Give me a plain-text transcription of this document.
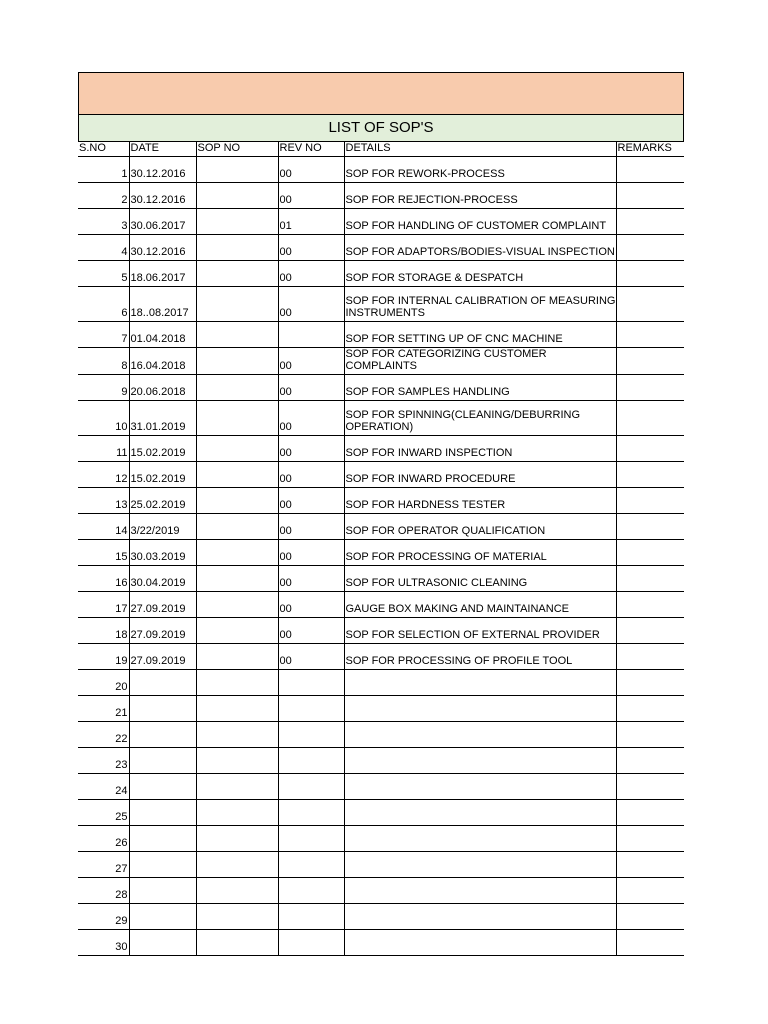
LIST OF SOP'S
S.NO	DATE	SOP NO	REV NO	DETAILS	REMARKS
1	30.12.2016		00	SOP FOR REWORK-PROCESS	
2	30.12.2016		00	SOP FOR REJECTION-PROCESS	
3	30.06.2017		01	SOP FOR HANDLING OF CUSTOMER COMPLAINT	
4	30.12.2016		00	SOP FOR ADAPTORS/BODIES-VISUAL INSPECTION	
5	18.06.2017		00	SOP FOR STORAGE & DESPATCH	
6	18..08.2017		00	SOP FOR INTERNAL CALIBRATION OF MEASURING INSTRUMENTS	
7	01.04.2018			SOP FOR SETTING UP OF CNC MACHINE	
8	16.04.2018		00	SOP FOR CATEGORIZING CUSTOMER COMPLAINTS	
9	20.06.2018		00	SOP FOR SAMPLES HANDLING	
10	31.01.2019		00	SOP FOR SPINNING(CLEANING/DEBURRING OPERATION)	
11	15.02.2019		00	SOP FOR INWARD INSPECTION	
12	15.02.2019		00	SOP FOR INWARD PROCEDURE	
13	25.02.2019		00	SOP FOR HARDNESS TESTER	
14	3/22/2019		00	SOP FOR OPERATOR QUALIFICATION	
15	30.03.2019		00	SOP FOR PROCESSING OF MATERIAL	
16	30.04.2019		00	SOP FOR ULTRASONIC CLEANING	
17	27.09.2019		00	GAUGE BOX MAKING AND MAINTAINANCE	
18	27.09.2019		00	SOP FOR SELECTION OF EXTERNAL PROVIDER	
19	27.09.2019		00	SOP FOR PROCESSING OF PROFILE TOOL	
20					
21					
22					
23					
24					
25					
26					
27					
28					
29					
30					
